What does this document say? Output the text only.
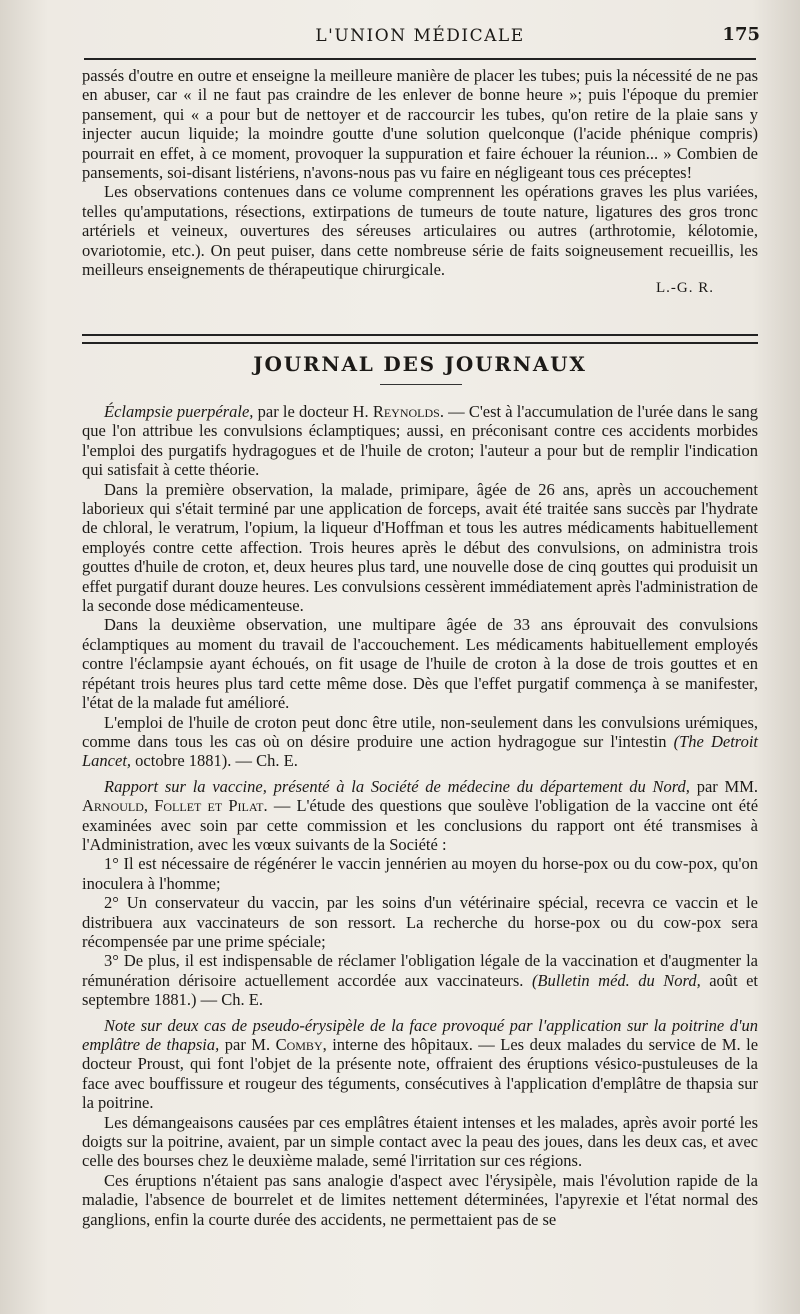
L'UNION MÉDICALE	175

passés d'outre en outre et enseigne la meilleure manière de placer les tubes; puis la nécessité de ne pas en abuser, car « il ne faut pas craindre de les enlever de bonne heure »; puis l'époque du premier pansement, qui « a pour but de nettoyer et de raccourcir les tubes, qu'on retire de la plaie sans y injecter aucun liquide; la moindre goutte d'une solution quelconque (l'acide phénique compris) pourrait en effet, à ce moment, provoquer la suppuration et faire échouer la réunion... » Combien de pansements, soi-disant listériens, n'avons-nous pas vu faire en négligeant tous ces préceptes!

Les observations contenues dans ce volume comprennent les opérations graves les plus variées, telles qu'amputations, résections, extirpations de tumeurs de toute nature, ligatures des gros tronc artériels et veineux, ouvertures des séreuses articulaires ou autres (arthrotomie, kélotomie, ovariotomie, etc.). On peut puiser, dans cette nombreuse série de faits soigneusement recueillis, les meilleurs enseignements de thérapeutique chirurgicale.

L.-G. R.
JOURNAL DES JOURNAUX

Éclampsie puerpérale, par le docteur H. Reynolds. — C'est à l'accumulation de l'urée dans le sang que l'on attribue les convulsions éclamptiques; aussi, en préconisant contre ces accidents morbides l'emploi des purgatifs hydragogues et de l'huile de croton; l'auteur a pour but de remplir l'indication qui satisfait à cette théorie.

Dans la première observation, la malade, primipare, âgée de 26 ans, après un accouchement laborieux qui s'était terminé par une application de forceps, avait été traitée sans succès par l'hydrate de chloral, le veratrum, l'opium, la liqueur d'Hoffman et tous les autres médicaments habituellement employés contre cette affection. Trois heures après le début des convulsions, on administra trois gouttes d'huile de croton, et, deux heures plus tard, une nouvelle dose de cinq gouttes qui produisit un effet purgatif durant douze heures. Les convulsions cessèrent immédiatement après l'administration de la seconde dose médicamenteuse.

Dans la deuxième observation, une multipare âgée de 33 ans éprouvait des convulsions éclamptiques au moment du travail de l'accouchement. Les médicaments habituellement employés contre l'éclampsie ayant échoués, on fit usage de l'huile de croton à la dose de trois gouttes et en répétant trois heures plus tard cette même dose. Dès que l'effet purgatif commença à se manifester, l'état de la malade fut amélioré.

L'emploi de l'huile de croton peut donc être utile, non-seulement dans les convulsions urémiques, comme dans tous les cas où on désire produire une action hydragogue sur l'intestin (The Detroit Lancet, octobre 1881). — Ch. E.

Rapport sur la vaccine, présenté à la Société de médecine du département du Nord, par MM. Arnould, Follet et Pilat. — L'étude des questions que soulève l'obligation de la vaccine ont été examinées avec soin par cette commission et les conclusions du rapport ont été transmises à l'Administration, avec les vœux suivants de la Société :

1° Il est nécessaire de régénérer le vaccin jennérien au moyen du horse-pox ou du cow-pox, qu'on inoculera à l'homme;

2° Un conservateur du vaccin, par les soins d'un vétérinaire spécial, recevra ce vaccin et le distribuera aux vaccinateurs de son ressort. La recherche du horse-pox ou du cow-pox sera récompensée par une prime spéciale;

3° De plus, il est indispensable de réclamer l'obligation légale de la vaccination et d'augmenter la rémunération dérisoire actuellement accordée aux vaccinateurs. (Bulletin méd. du Nord, août et septembre 1881.) — Ch. E.

Note sur deux cas de pseudo-érysipèle de la face provoqué par l'application sur la poitrine d'un emplâtre de thapsia, par M. Comby, interne des hôpitaux. — Les deux malades du service de M. le docteur Proust, qui font l'objet de la présente note, offraient des éruptions vésico-pustuleuses de la face avec bouffissure et rougeur des téguments, consécutives à l'application d'emplâtre de thapsia sur la poitrine.

Les démangeaisons causées par ces emplâtres étaient intenses et les malades, après avoir porté les doigts sur la poitrine, avaient, par un simple contact avec la peau des joues, dans les deux cas, et avec celle des bourses chez le deuxième malade, semé l'irritation sur ces régions.

Ces éruptions n'étaient pas sans analogie d'aspect avec l'érysipèle, mais l'évolution rapide de la maladie, l'absence de bourrelet et de limites nettement déterminées, l'apyrexie et l'état normal des ganglions, enfin la courte durée des accidents, ne permettaient pas de se
